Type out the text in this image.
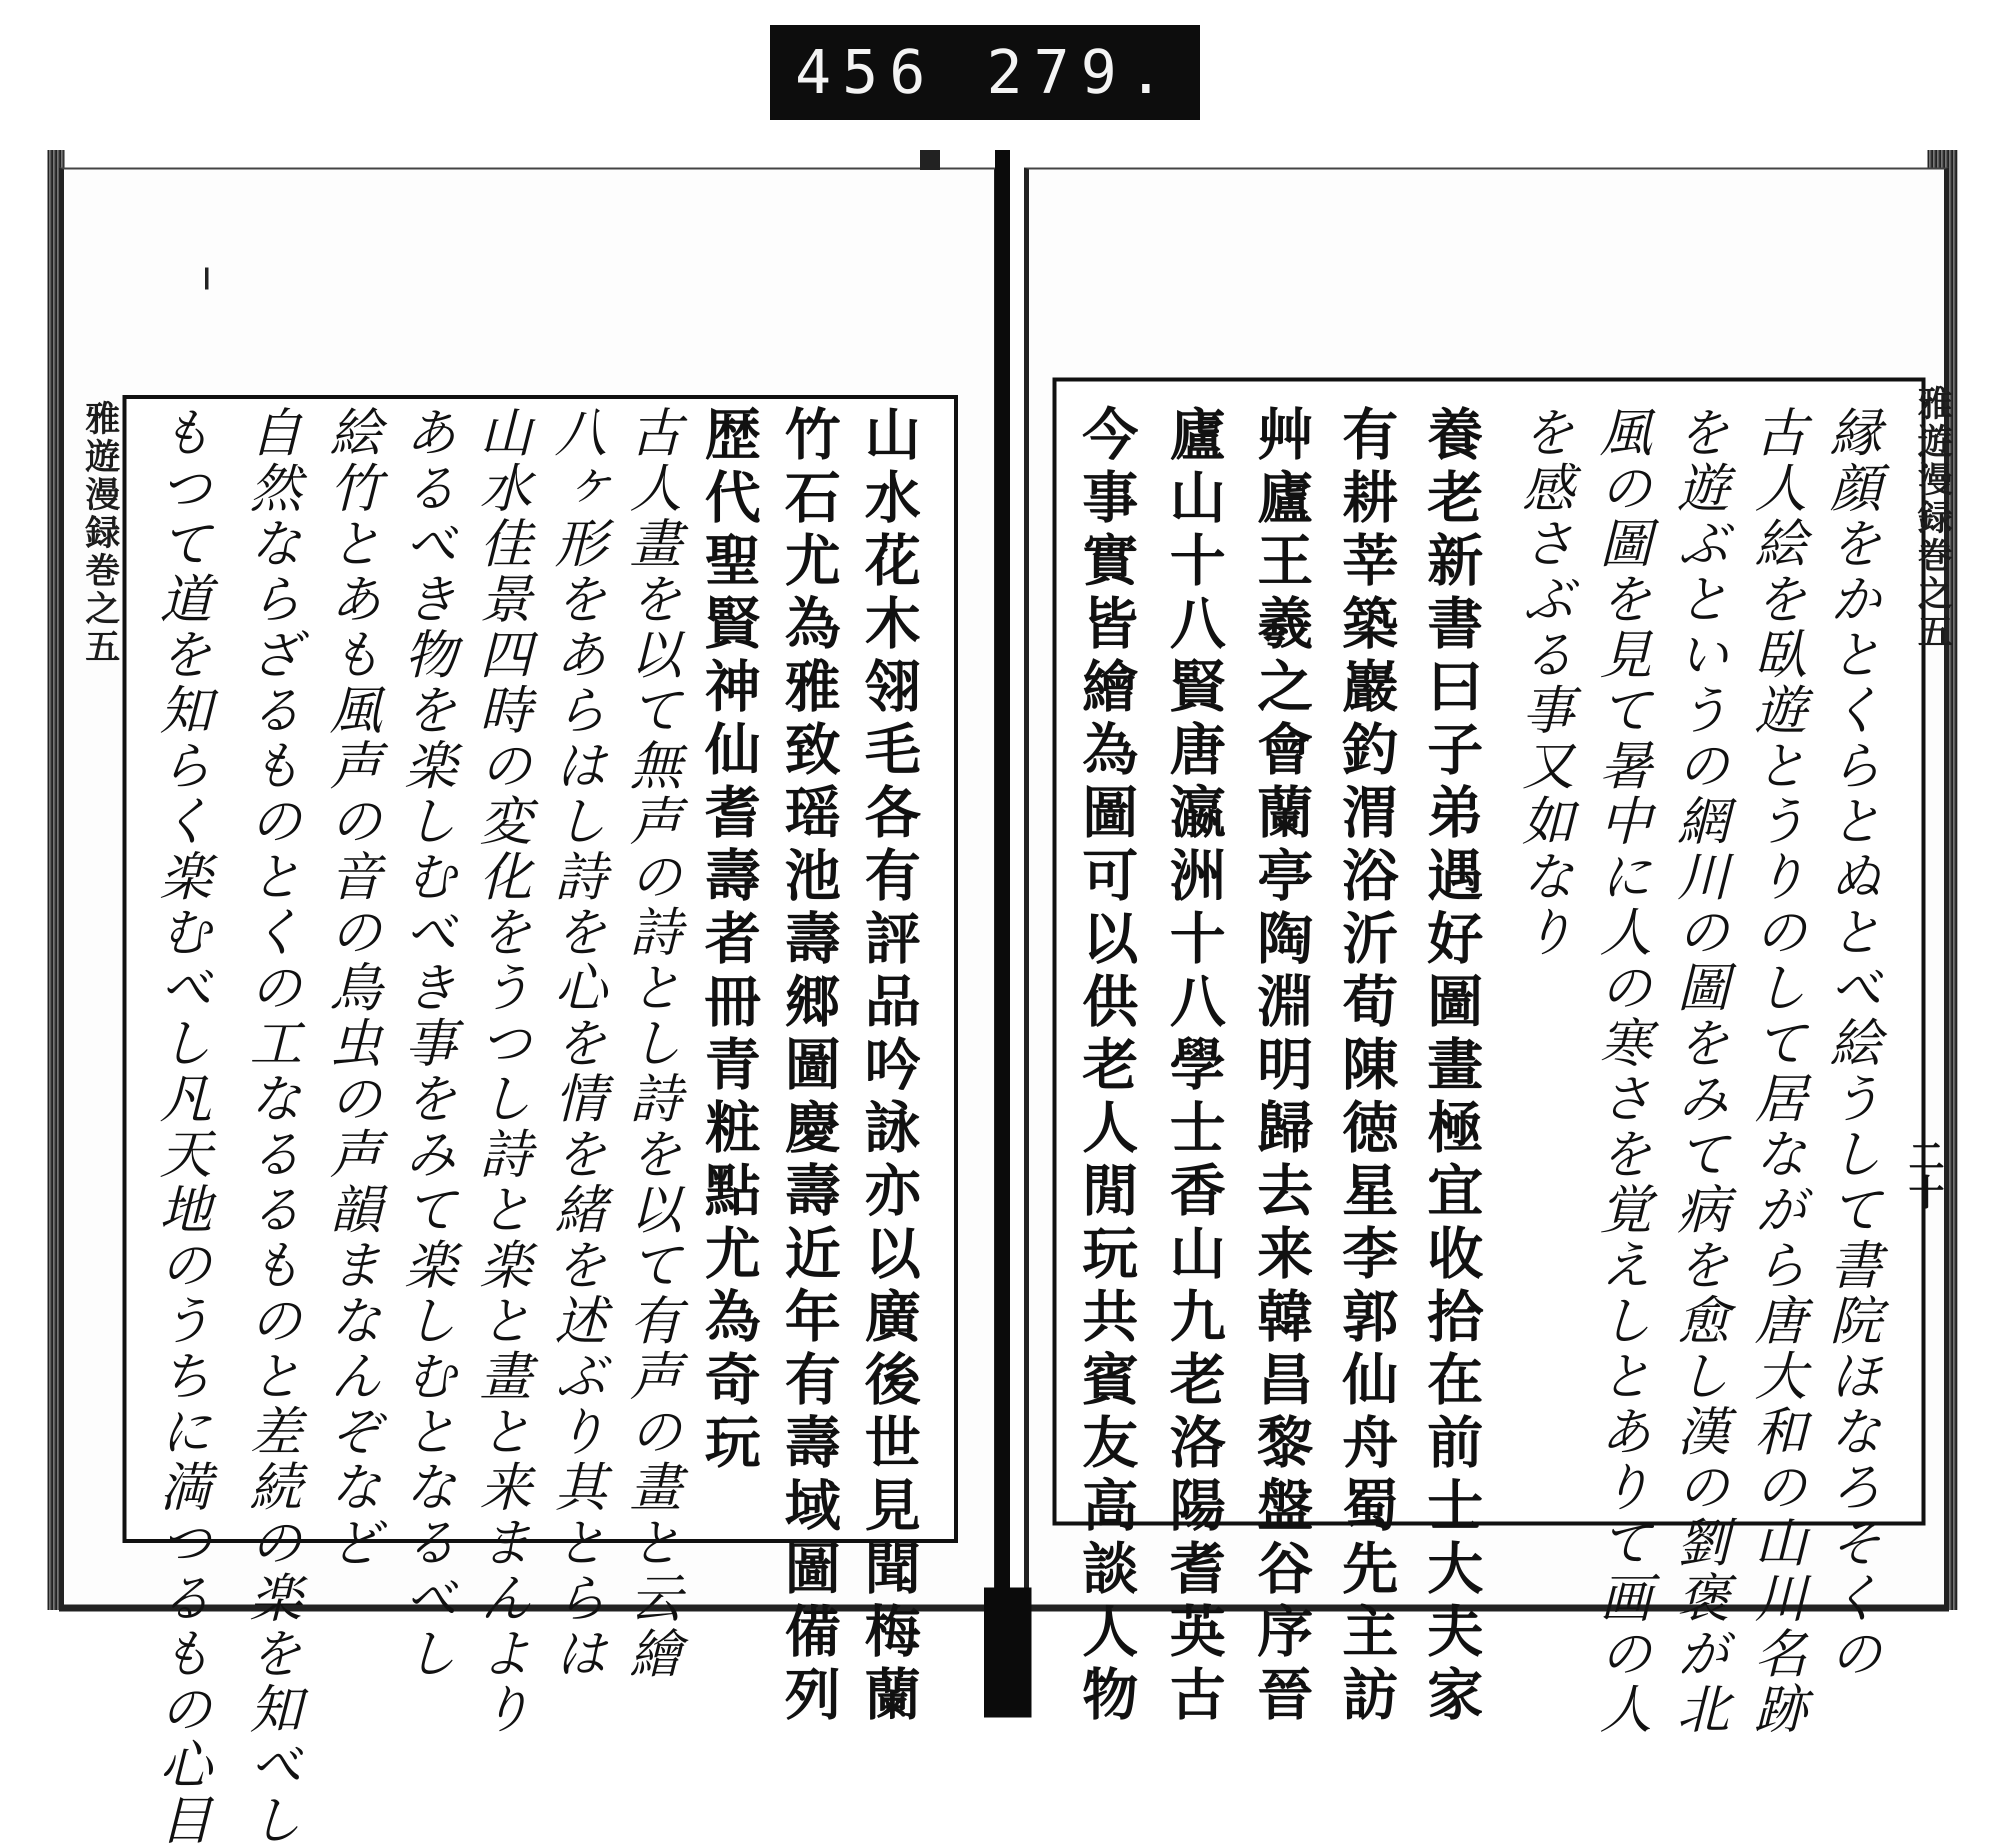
456 279.
雅遊漫録巻之五	雅遊漫録巻之五
二十
縁顔をかとくらとぬとべ絵うして書院ほなろそくの
古人絵を臥遊とうりのして居ながら唐大和の山川名跡
を遊ぶというの網川の圖をみて病を愈し漢の劉褒が北
風の圖を見て暑中に人の寒さを覚えしとありて画の人
を感さぶる事又如なり
養老新書曰子弟遇好圖畫極宜收拾在前士大夫家
有耕莘築巖釣渭浴沂荀陳徳星李郭仙舟蜀先主訪
艸廬王羲之會蘭亭陶淵明歸去来韓昌黎盤谷序晉
廬山十八賢唐瀛洲十八學士香山九老洛陽耆英古
今事實皆繪為圖可以供老人閒玩共賓友高談人物
山水花木翎毛各有評品吟詠亦以廣後世見聞梅蘭
竹石尤為雅致瑶池壽郷圖慶壽近年有壽域圖備列
歴代聖賢神仙耆壽者冊青粧點尤為奇玩
古人畫を以て無声の詩とし詩を以て有声の畫と云繪
八ヶ形をあらはし詩を心を情を緒を述ぶり其とらは
山水佳景四時の変化をうつし詩と楽と畫と来まんより
あるべき物を楽しむべき事をみて楽しむとなるべし
絵竹とあも風声の音の鳥虫の声韻まなんぞなど
自然ならざるものとくの工なるるものと差続の楽を知べし
もつて道を知らく楽むべし凡天地のうちに満つるもの心目
